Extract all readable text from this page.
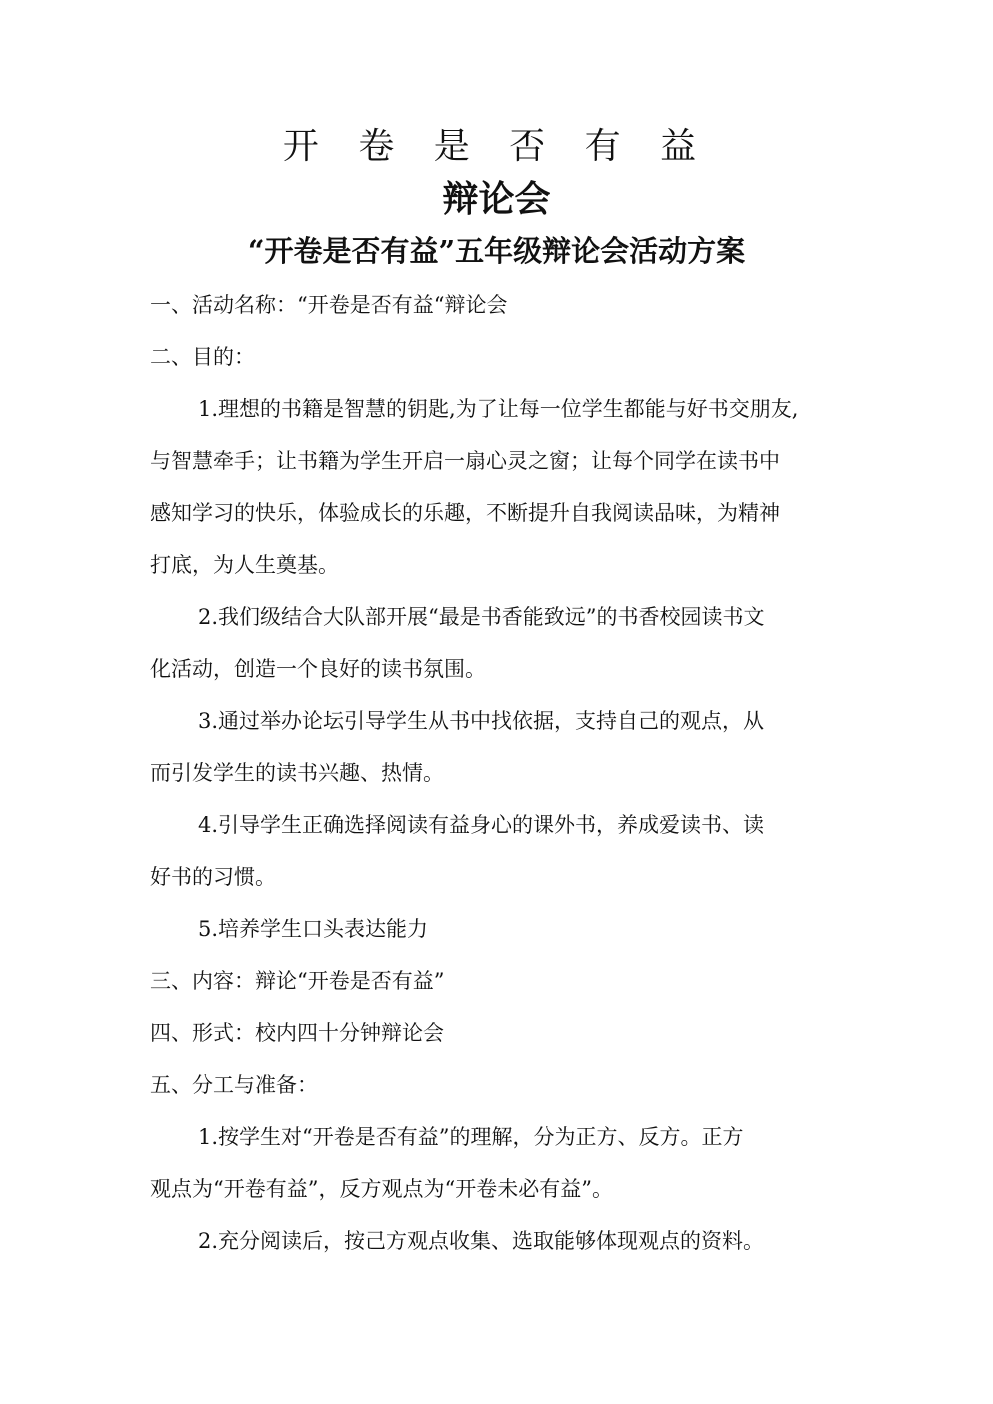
开 卷 是 否 有 益
辩论会
“开卷是否有益”五年级辩论会活动方案
一、活动名称：“开卷是否有益“辩论会
二、目的：
1.理想的书籍是智慧的钥匙,为了让每一位学生都能与好书交朋友,
与智慧牵手；让书籍为学生开启一扇心灵之窗；让每个同学在读书中
感知学习的快乐，体验成长的乐趣，不断提升自我阅读品味，为精神
打底，为人生奠基。
2.我们级结合大队部开展“最是书香能致远”的书香校园读书文
化活动，创造一个良好的读书氛围。
3.通过举办论坛引导学生从书中找依据，支持自己的观点，从
而引发学生的读书兴趣、热情。
4.引导学生正确选择阅读有益身心的课外书，养成爱读书、读
好书的习惯。
5.培养学生口头表达能力
三、内容：辩论“开卷是否有益”
四、形式：校内四十分钟辩论会
五、分工与准备：
1.按学生对“开卷是否有益”的理解，分为正方、反方。正方
观点为“开卷有益”，反方观点为“开卷未必有益”。
2.充分阅读后，按己方观点收集、选取能够体现观点的资料。
